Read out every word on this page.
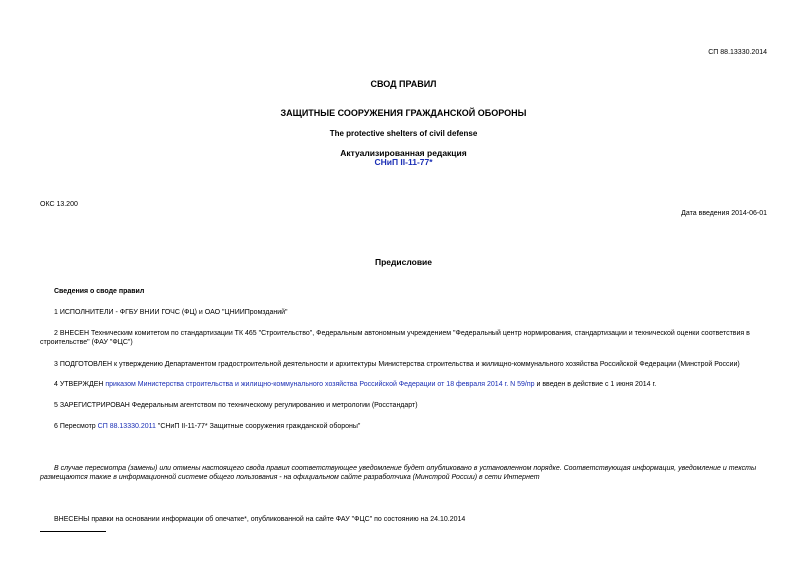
СП 88.13330.2014
СВОД ПРАВИЛ
ЗАЩИТНЫЕ СООРУЖЕНИЯ ГРАЖДАНСКОЙ ОБОРОНЫ
The protective shelters of civil defense
Актуализированная редакция
СНиП II-11-77*
ОКС 13.200
Дата введения 2014-06-01
Предисловие
Сведения о своде правил
1 ИСПОЛНИТЕЛИ - ФГБУ ВНИИ ГОЧС (ФЦ) и ОАО "ЦНИИПромзданий"
2 ВНЕСЕН Техническим комитетом по стандартизации ТК 465 "Строительство", Федеральным автономным учреждением "Федеральный центр нормирования, стандартизации и технической оценки соответствия в строительстве" (ФАУ "ФЦС")
3 ПОДГОТОВЛЕН к утверждению Департаментом градостроительной деятельности и архитектуры Министерства строительства и жилищно-коммунального хозяйства Российской Федерации (Минстрой России)
4 УТВЕРЖДЕН приказом Министерства строительства и жилищно-коммунального хозяйства Российской Федерации от 18 февраля 2014 г. N 59/пр и введен в действие с 1 июня 2014 г.
5 ЗАРЕГИСТРИРОВАН Федеральным агентством по техническому регулированию и метрологии (Росстандарт)
6 Пересмотр СП 88.13330.2011 "СНиП II-11-77* Защитные сооружения гражданской обороны"
В случае пересмотра (замены) или отмены настоящего свода правил соответствующее уведомление будет опубликовано в установленном порядке. Соответствующая информация, уведомление и тексты размещаются также в информационной системе общего пользования - на официальном сайте разработчика (Минстрой России) в сети Интернет
ВНЕСЕНЫ правки на основании информации об опечатке*, опубликованной на сайте ФАУ "ФЦС" по состоянию на 24.10.2014
